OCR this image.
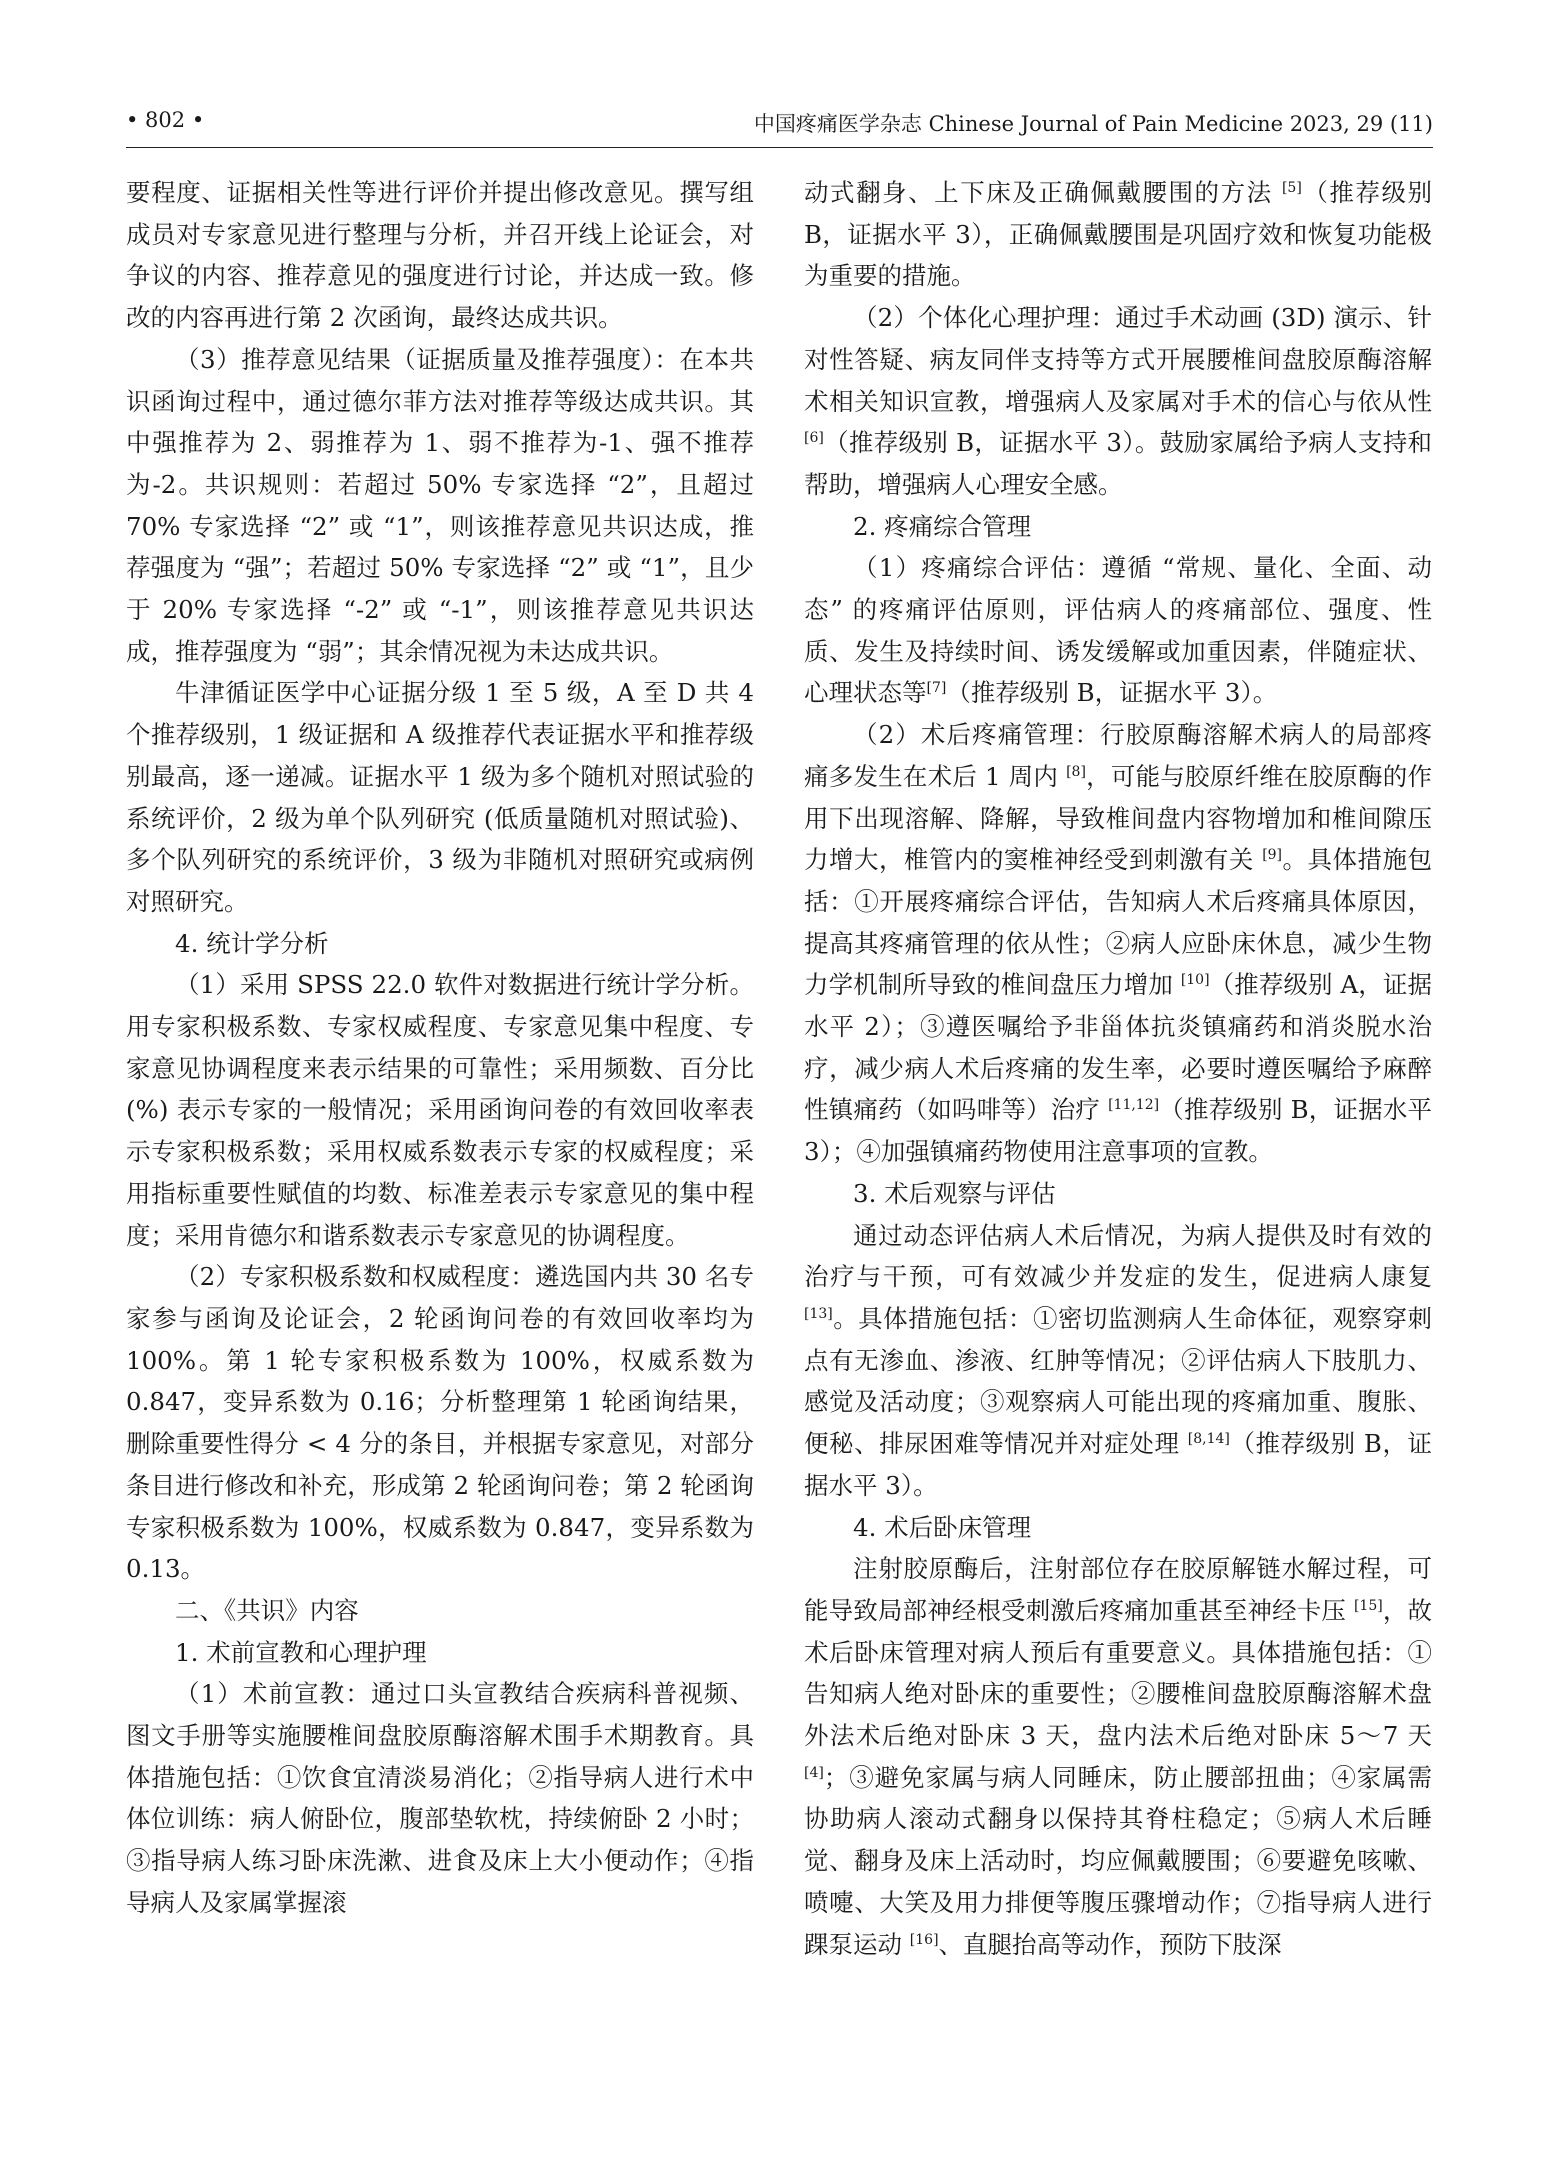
• 802 •	中国疼痛医学杂志 Chinese Journal of Pain Medicine 2023, 29 (11)

要程度、证据相关性等进行评价并提出修改意见。撰写组成员对专家意见进行整理与分析，并召开线上论证会，对争议的内容、推荐意见的强度进行讨论，并达成一致。修改的内容再进行第 2 次函询，最终达成共识。

（3）推荐意见结果（证据质量及推荐强度）：在本共识函询过程中，通过德尔菲方法对推荐等级达成共识。其中强推荐为 2、弱推荐为 1、弱不推荐为-1、强不推荐为-2。共识规则：若超过 50% 专家选择 “2”，且超过 70% 专家选择 “2” 或 “1”，则该推荐意见共识达成，推荐强度为 “强”；若超过 50% 专家选择 “2” 或 “1”，且少于 20% 专家选择 “-2” 或 “-1”，则该推荐意见共识达成，推荐强度为 “弱”；其余情况视为未达成共识。

牛津循证医学中心证据分级 1 至 5 级，A 至 D 共 4 个推荐级别，1 级证据和 A 级推荐代表证据水平和推荐级别最高，逐一递减。证据水平 1 级为多个随机对照试验的系统评价，2 级为单个队列研究 (低质量随机对照试验)、多个队列研究的系统评价，3 级为非随机对照研究或病例对照研究。

4. 统计学分析

（1）采用 SPSS 22.0 软件对数据进行统计学分析。用专家积极系数、专家权威程度、专家意见集中程度、专家意见协调程度来表示结果的可靠性；采用频数、百分比 (%) 表示专家的一般情况；采用函询问卷的有效回收率表示专家积极系数；采用权威系数表示专家的权威程度；采用指标重要性赋值的均数、标准差表示专家意见的集中程度；采用肯德尔和谐系数表示专家意见的协调程度。

（2）专家积极系数和权威程度：遴选国内共 30 名专家参与函询及论证会，2 轮函询问卷的有效回收率均为 100%。第 1 轮专家积极系数为 100%，权威系数为 0.847，变异系数为 0.16；分析整理第 1 轮函询结果，删除重要性得分 < 4 分的条目，并根据专家意见，对部分条目进行修改和补充，形成第 2 轮函询问卷；第 2 轮函询专家积极系数为 100%，权威系数为 0.847，变异系数为 0.13。

二、《共识》内容

1. 术前宣教和心理护理

（1）术前宣教：通过口头宣教结合疾病科普视频、图文手册等实施腰椎间盘胶原酶溶解术围手术期教育。具体措施包括：①饮食宜清淡易消化；②指导病人进行术中体位训练：病人俯卧位，腹部垫软枕，持续俯卧 2 小时；③指导病人练习卧床洗漱、进食及床上大小便动作；④指导病人及家属掌握滚

动式翻身、上下床及正确佩戴腰围的方法 [5]（推荐级别 B，证据水平 3），正确佩戴腰围是巩固疗效和恢复功能极为重要的措施。

（2）个体化心理护理：通过手术动画 (3D) 演示、针对性答疑、病友同伴支持等方式开展腰椎间盘胶原酶溶解术相关知识宣教，增强病人及家属对手术的信心与依从性 [6]（推荐级别 B，证据水平 3）。鼓励家属给予病人支持和帮助，增强病人心理安全感。

2. 疼痛综合管理

（1）疼痛综合评估：遵循 “常规、量化、全面、动态” 的疼痛评估原则，评估病人的疼痛部位、强度、性质、发生及持续时间、诱发缓解或加重因素，伴随症状、心理状态等[7]（推荐级别 B，证据水平 3）。

（2）术后疼痛管理：行胶原酶溶解术病人的局部疼痛多发生在术后 1 周内 [8]，可能与胶原纤维在胶原酶的作用下出现溶解、降解，导致椎间盘内容物增加和椎间隙压力增大，椎管内的窦椎神经受到刺激有关 [9]。具体措施包括：①开展疼痛综合评估，告知病人术后疼痛具体原因，提高其疼痛管理的依从性；②病人应卧床休息，减少生物力学机制所导致的椎间盘压力增加 [10]（推荐级别 A，证据水平 2）；③遵医嘱给予非甾体抗炎镇痛药和消炎脱水治疗，减少病人术后疼痛的发生率，必要时遵医嘱给予麻醉性镇痛药（如吗啡等）治疗 [11,12]（推荐级别 B，证据水平 3）；④加强镇痛药物使用注意事项的宣教。

3. 术后观察与评估

通过动态评估病人术后情况，为病人提供及时有效的治疗与干预，可有效减少并发症的发生，促进病人康复 [13]。具体措施包括：①密切监测病人生命体征，观察穿刺点有无渗血、渗液、红肿等情况；②评估病人下肢肌力、感觉及活动度；③观察病人可能出现的疼痛加重、腹胀、便秘、排尿困难等情况并对症处理 [8,14]（推荐级别 B，证据水平 3）。

4. 术后卧床管理

注射胶原酶后，注射部位存在胶原解链水解过程，可能导致局部神经根受刺激后疼痛加重甚至神经卡压 [15]，故术后卧床管理对病人预后有重要意义。具体措施包括：①告知病人绝对卧床的重要性；②腰椎间盘胶原酶溶解术盘外法术后绝对卧床 3 天，盘内法术后绝对卧床 5～7 天 [4]；③避免家属与病人同睡床，防止腰部扭曲；④家属需协助病人滚动式翻身以保持其脊柱稳定；⑤病人术后睡觉、翻身及床上活动时，均应佩戴腰围；⑥要避免咳嗽、喷嚏、大笑及用力排便等腹压骤增动作；⑦指导病人进行踝泵运动 [16]、直腿抬高等动作，预防下肢深
